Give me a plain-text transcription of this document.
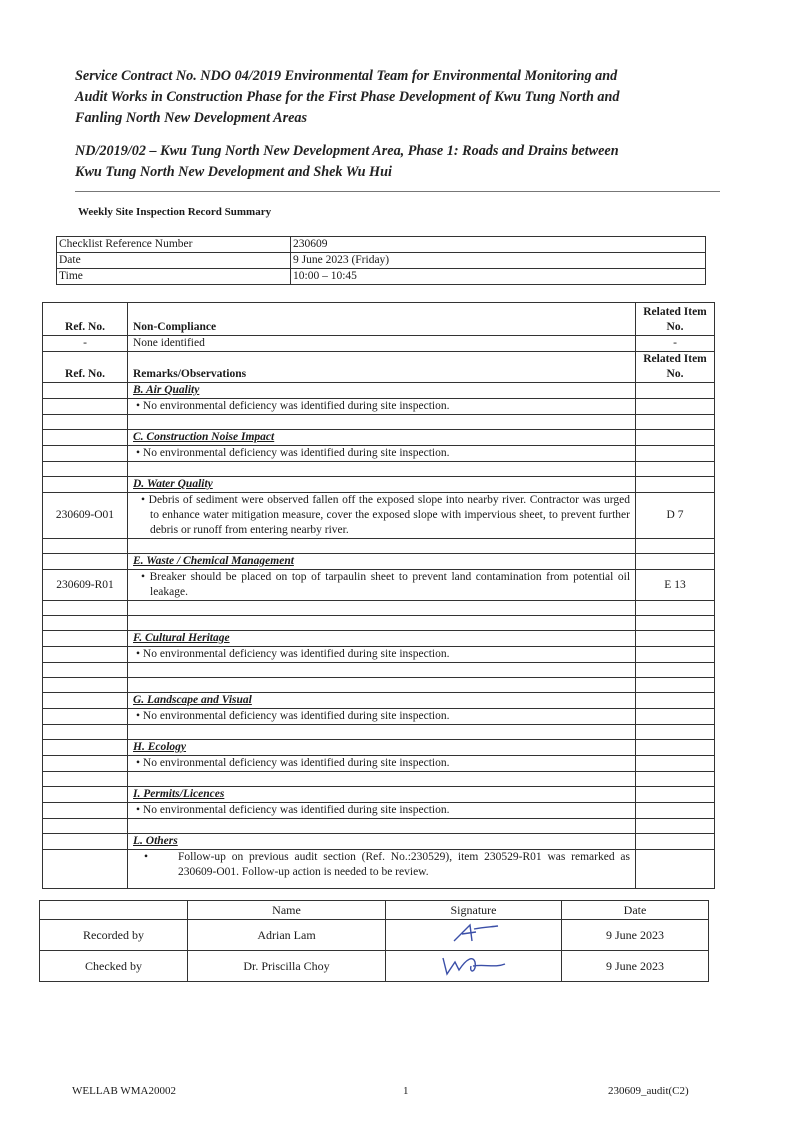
Service Contract No. NDO 04/2019 Environmental Team for Environmental Monitoring and
Audit Works in Construction Phase for the First Phase Development of Kwu Tung North and
Fanling North New Development Areas
ND/2019/02 – Kwu Tung North New Development Area, Phase 1: Roads and Drains between
Kwu Tung North New Development and Shek Wu Hui
Weekly Site Inspection Record Summary
Checklist Reference Number	230609
Date	9 June 2023 (Friday)
Time	10:00 – 10:45
Ref. No.	Non-Compliance	Related Item No.
-	None identified	-
Ref. No.	Remarks/Observations	Related Item No.
	B. Air Quality	
	• No environmental deficiency was identified during site inspection.	

	C. Construction Noise Impact	
	• No environmental deficiency was identified during site inspection.	

	D. Water Quality	
230609-O01	• Debris of sediment were observed fallen off the exposed slope into nearby river. Contractor was urged to enhance water mitigation measure, cover the exposed slope with impervious sheet, to prevent further debris or runoff from entering nearby river.	D 7

	E. Waste / Chemical Management	
230609-R01	• Breaker should be placed on top of tarpaulin sheet to prevent land contamination from potential oil leakage.	E 13

	F. Cultural Heritage	
	• No environmental deficiency was identified during site inspection.	

	G. Landscape and Visual	
	• No environmental deficiency was identified during site inspection.	

	H. Ecology	
	• No environmental deficiency was identified during site inspection.	

	I. Permits/Licences	
	• No environmental deficiency was identified during site inspection.	

	L. Others	

	• Follow-up on previous audit section (Ref. No.:230529), item 230529-R01 was remarked as 230609-O01. Follow-up action is needed to be review.	

	Name	Signature	Date
Recorded by	Adrian Lam		9 June 2023
Checked by	Dr. Priscilla Choy		9 June 2023
WELLAB WMA20002	1	230609_audit(C2)
